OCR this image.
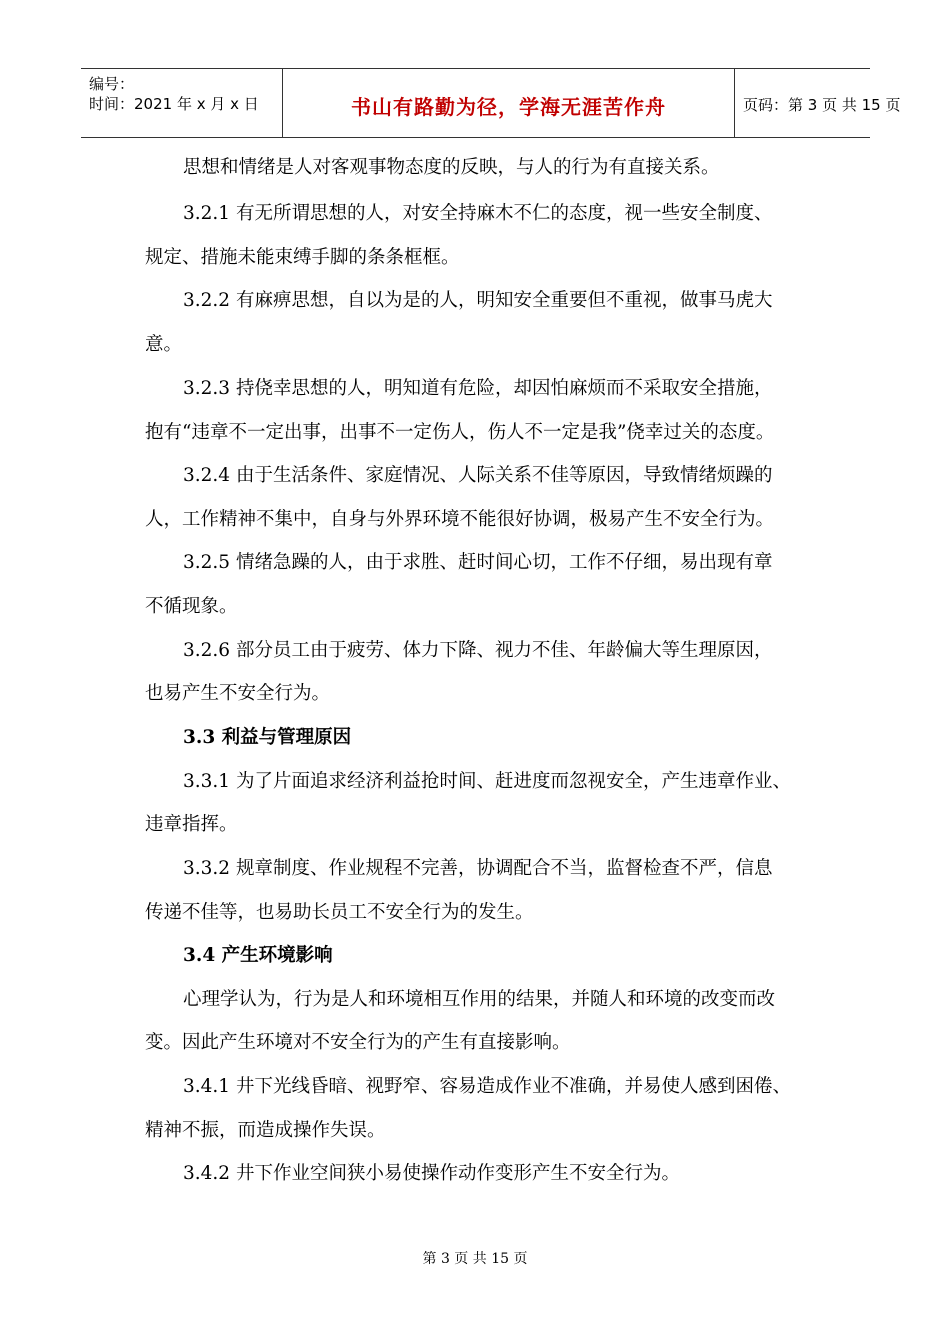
编号：
时间：2021 年 x 月 x 日	书山有路勤为径，学海无涯苦作舟	页码：第 3 页 共 15 页
思想和情绪是人对客观事物态度的反映，与人的行为有直接关系。
3.2.1 有无所谓思想的人，对安全持麻木不仁的态度，视一些安全制度、
规定、措施未能束缚手脚的条条框框。
3.2.2 有麻痹思想，自以为是的人，明知安全重要但不重视，做事马虎大
意。
3.2.3 持侥幸思想的人，明知道有危险，却因怕麻烦而不采取安全措施，
抱有“违章不一定出事，出事不一定伤人，伤人不一定是我”侥幸过关的态度。
3.2.4 由于生活条件、家庭情况、人际关系不佳等原因，导致情绪烦躁的
人，工作精神不集中，自身与外界环境不能很好协调，极易产生不安全行为。
3.2.5 情绪急躁的人，由于求胜、赶时间心切，工作不仔细，易出现有章
不循现象。
3.2.6 部分员工由于疲劳、体力下降、视力不佳、年龄偏大等生理原因，
也易产生不安全行为。
3.3 利益与管理原因
3.3.1 为了片面追求经济利益抢时间、赶进度而忽视安全，产生违章作业、
违章指挥。
3.3.2 规章制度、作业规程不完善，协调配合不当，监督检查不严，信息
传递不佳等，也易助长员工不安全行为的发生。
3.4 产生环境影响
心理学认为，行为是人和环境相互作用的结果，并随人和环境的改变而改
变。因此产生环境对不安全行为的产生有直接影响。
3.4.1 井下光线昏暗、视野窄、容易造成作业不准确，并易使人感到困倦、
精神不振，而造成操作失误。
3.4.2 井下作业空间狭小易使操作动作变形产生不安全行为。
第 3 页 共 15 页
